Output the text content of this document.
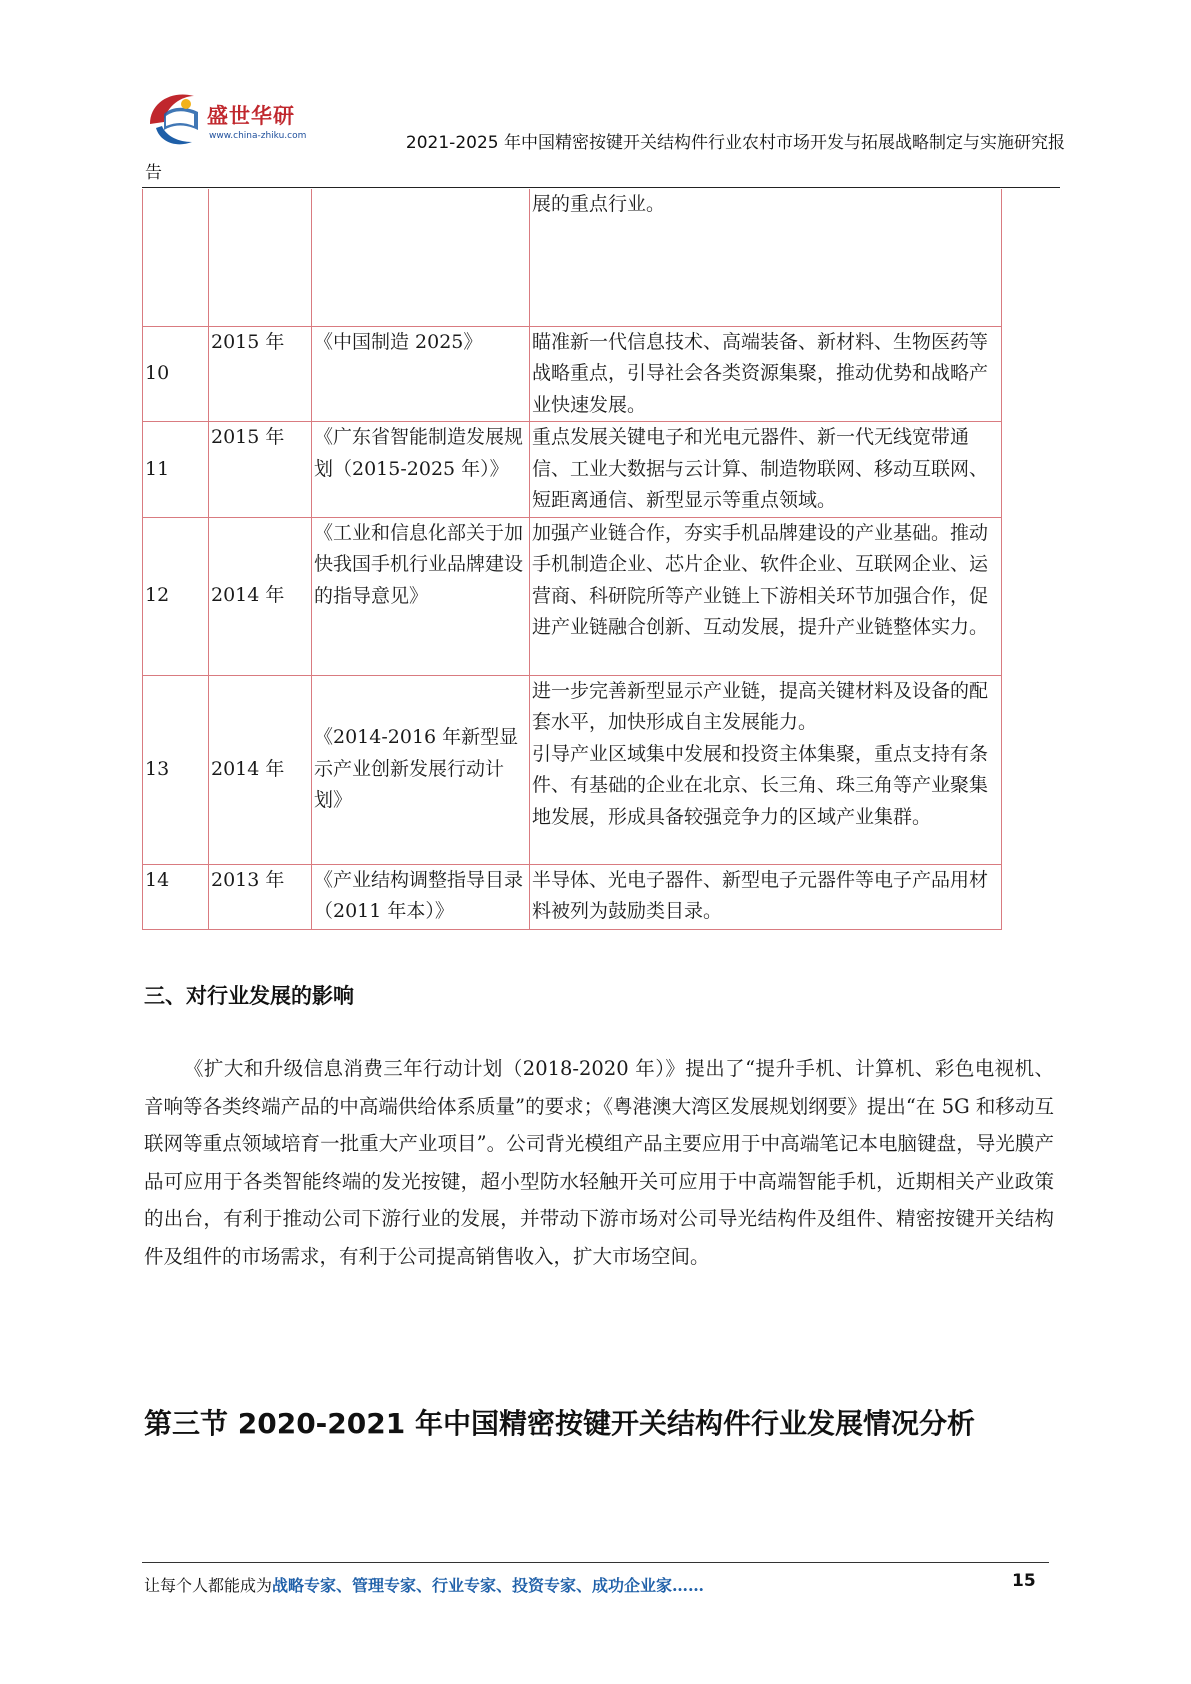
盛世华研
www.china-zhiku.com	2021-2025 年中国精密按键开关结构件行业农村市场开发与拓展战略制定与实施研究报
告

			展的重点行业。

10	2015 年	《中国制造 2025》	瞄准新一代信息技术、高端装备、新材料、生物医药等战略重点，引导社会各类资源集聚，推动优势和战略产业快速发展。

11	2015 年	《广东省智能制造发展规划（2015-2025 年）》	重点发展关键电子和光电元器件、新一代无线宽带通信、工业大数据与云计算、制造物联网、移动互联网、短距离通信、新型显示等重点领域。

12	2014 年	《工业和信息化部关于加快我国手机行业品牌建设的指导意见》	加强产业链合作，夯实手机品牌建设的产业基础。推动手机制造企业、芯片企业、软件企业、互联网企业、运营商、科研院所等产业链上下游相关环节加强合作，促进产业链融合创新、互动发展，提升产业链整体实力。

13	2014 年	《2014-2016 年新型显示产业创新发展行动计划》	进一步完善新型显示产业链，提高关键材料及设备的配套水平，加快形成自主发展能力。
引导产业区域集中发展和投资主体集聚，重点支持有条件、有基础的企业在北京、长三角、珠三角等产业聚集地发展，形成具备较强竞争力的区域产业集群。

14	2013 年	《产业结构调整指导目录（2011 年本）》	半导体、光电子器件、新型电子元器件等电子产品用材料被列为鼓励类目录。
三、对行业发展的影响
《扩大和升级信息消费三年行动计划（2018-2020 年）》提出了“提升手机、计算机、彩色电视机、音响等各类终端产品的中高端供给体系质量”的要求；《粤港澳大湾区发展规划纲要》提出“在 5G 和移动互联网等重点领域培育一批重大产业项目”。公司背光模组产品主要应用于中高端笔记本电脑键盘，导光膜产品可应用于各类智能终端的发光按键，超小型防水轻触开关可应用于中高端智能手机，近期相关产业政策的出台，有利于推动公司下游行业的发展，并带动下游市场对公司导光结构件及组件、精密按键开关结构件及组件的市场需求，有利于公司提高销售收入，扩大市场空间。
第三节 2020-2021 年中国精密按键开关结构件行业发展情况分析
让每个人都能成为战略专家、管理专家、行业专家、投资专家、成功企业家……	15
